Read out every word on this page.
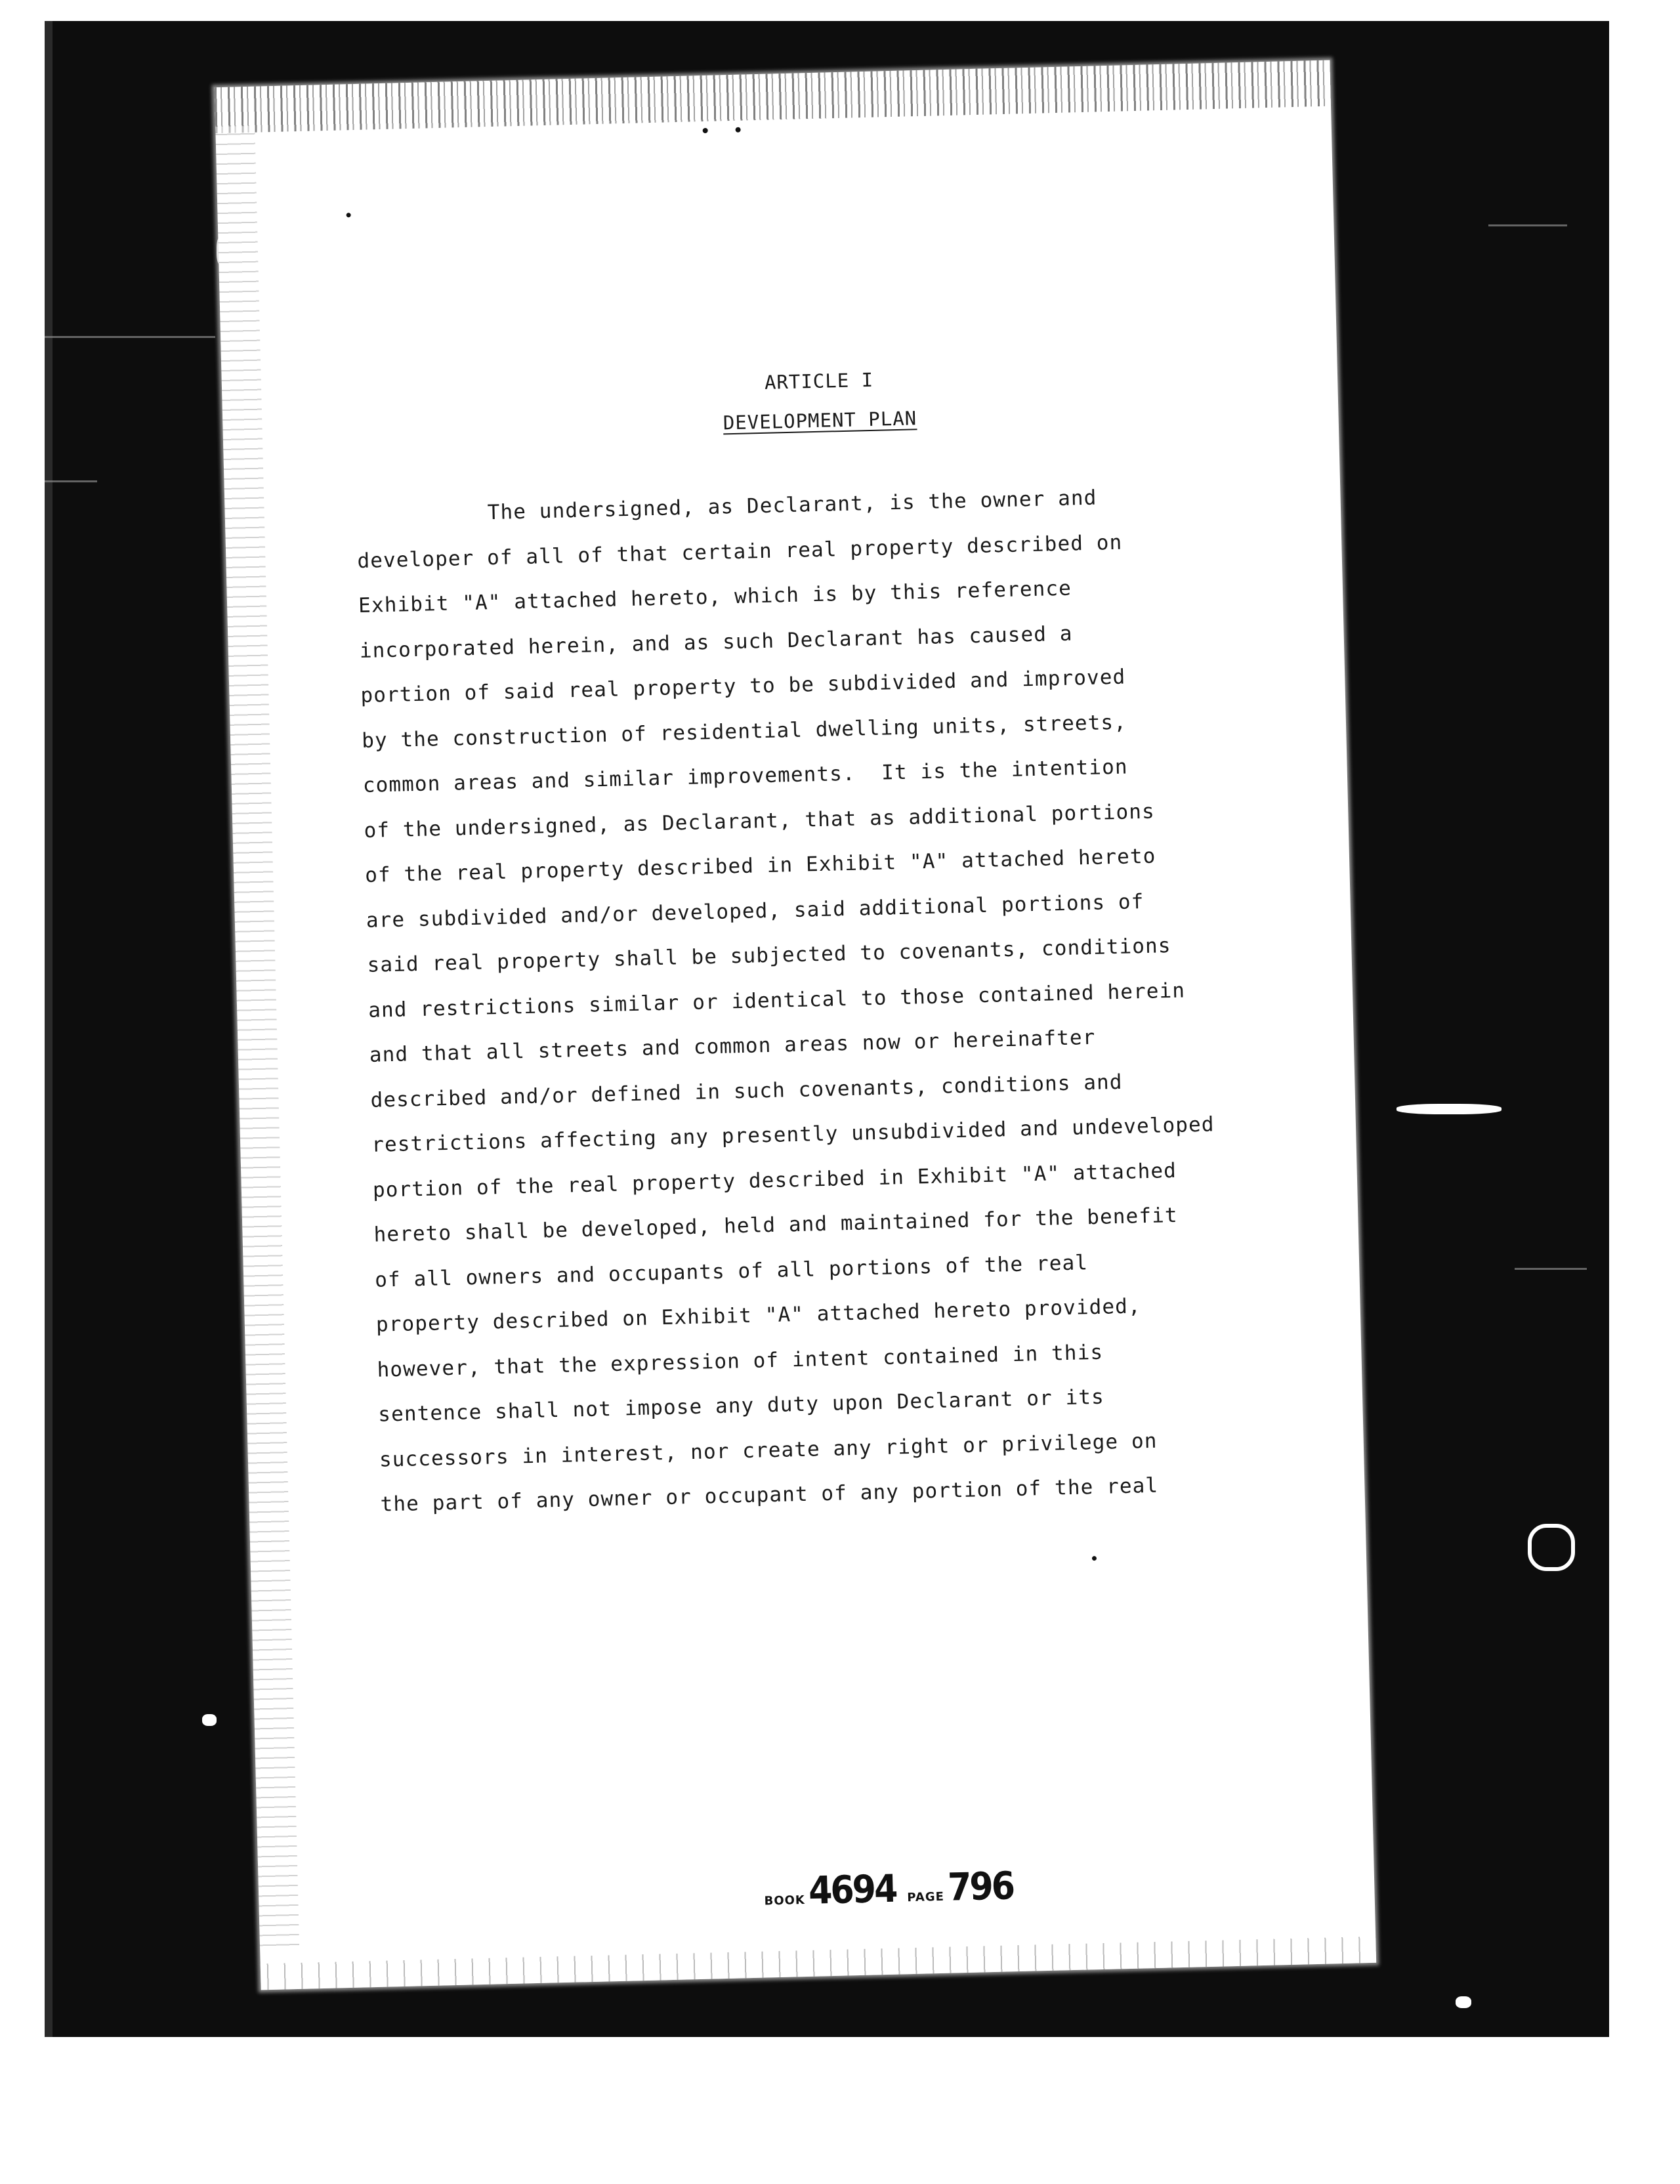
ARTICLE I

DEVELOPMENT PLAN

The undersigned, as Declarant, is the owner and

developer of all of that certain real property described on

Exhibit "A" attached hereto, which is by this reference

incorporated herein, and as such Declarant has caused a

portion of said real property to be subdivided and improved

by the construction of residential dwelling units, streets,

common areas and similar improvements.  It is the intention

of the undersigned, as Declarant, that as additional portions

of the real property described in Exhibit "A" attached hereto

are subdivided and/or developed, said additional portions of

said real property shall be subjected to covenants, conditions

and restrictions similar or identical to those contained herein

and that all streets and common areas now or hereinafter

described and/or defined in such covenants, conditions and

restrictions affecting any presently unsubdivided and undeveloped

portion of the real property described in Exhibit "A" attached

hereto shall be developed, held and maintained for the benefit

of all owners and occupants of all portions of the real

property described on Exhibit "A" attached hereto provided,

however, that the expression of intent contained in this

sentence shall not impose any duty upon Declarant or its

successors in interest, nor create any right or privilege on

the part of any owner or occupant of any portion of the real

BOOK 4694 PAGE 796
